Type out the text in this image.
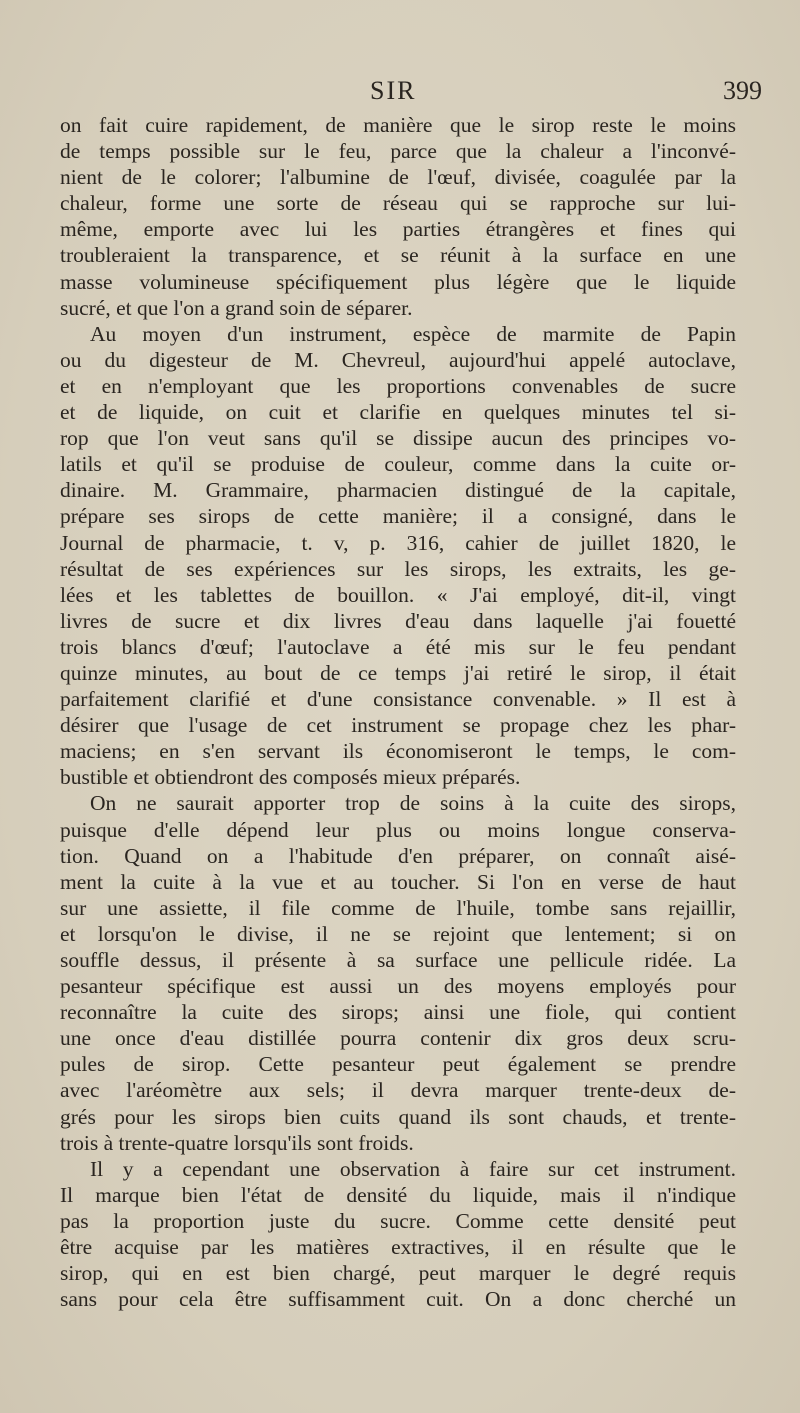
SIR	399
on fait cuire rapidement, de manière que le sirop reste le moins
de temps possible sur le feu, parce que la chaleur a l'inconvé-
nient de le colorer; l'albumine de l'œuf, divisée, coagulée par la
chaleur, forme une sorte de réseau qui se rapproche sur lui-
même, emporte avec lui les parties étrangères et fines qui
troubleraient la transparence, et se réunit à la surface en une
masse volumineuse spécifiquement plus légère que le liquide
sucré, et que l'on a grand soin de séparer.
Au moyen d'un instrument, espèce de marmite de Papin
ou du digesteur de M. Chevreul, aujourd'hui appelé autoclave,
et en n'employant que les proportions convenables de sucre
et de liquide, on cuit et clarifie en quelques minutes tel si-
rop que l'on veut sans qu'il se dissipe aucun des principes vo-
latils et qu'il se produise de couleur, comme dans la cuite or-
dinaire. M. Grammaire, pharmacien distingué de la capitale,
prépare ses sirops de cette manière; il a consigné, dans le
Journal de pharmacie, t. v, p. 316, cahier de juillet 1820, le
résultat de ses expériences sur les sirops, les extraits, les ge-
lées et les tablettes de bouillon. « J'ai employé, dit-il, vingt
livres de sucre et dix livres d'eau dans laquelle j'ai fouetté
trois blancs d'œuf; l'autoclave a été mis sur le feu pendant
quinze minutes, au bout de ce temps j'ai retiré le sirop, il était
parfaitement clarifié et d'une consistance convenable. » Il est à
désirer que l'usage de cet instrument se propage chez les phar-
maciens; en s'en servant ils économiseront le temps, le com-
bustible et obtiendront des composés mieux préparés.
On ne saurait apporter trop de soins à la cuite des sirops,
puisque d'elle dépend leur plus ou moins longue conserva-
tion. Quand on a l'habitude d'en préparer, on connaît aisé-
ment la cuite à la vue et au toucher. Si l'on en verse de haut
sur une assiette, il file comme de l'huile, tombe sans rejaillir,
et lorsqu'on le divise, il ne se rejoint que lentement; si on
souffle dessus, il présente à sa surface une pellicule ridée. La
pesanteur spécifique est aussi un des moyens employés pour
reconnaître la cuite des sirops; ainsi une fiole, qui contient
une once d'eau distillée pourra contenir dix gros deux scru-
pules de sirop. Cette pesanteur peut également se prendre
avec l'aréomètre aux sels; il devra marquer trente-deux de-
grés pour les sirops bien cuits quand ils sont chauds, et trente-
trois à trente-quatre lorsqu'ils sont froids.
Il y a cependant une observation à faire sur cet instrument.
Il marque bien l'état de densité du liquide, mais il n'indique
pas la proportion juste du sucre. Comme cette densité peut
être acquise par les matières extractives, il en résulte que le
sirop, qui en est bien chargé, peut marquer le degré requis
sans pour cela être suffisamment cuit. On a donc cherché un
